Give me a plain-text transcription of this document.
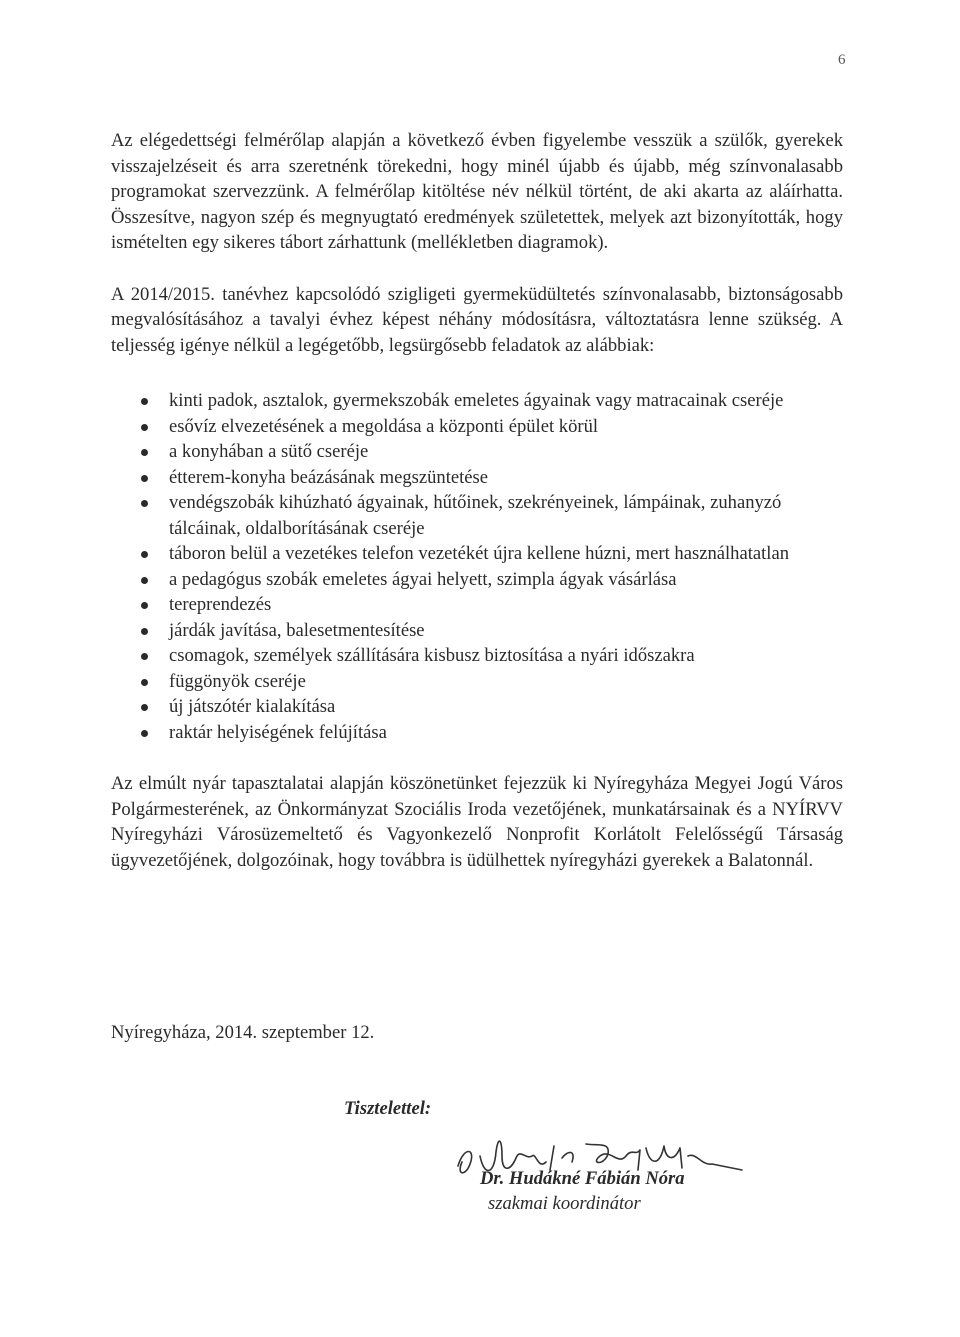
6

Az elégedettségi felmérőlap alapján a következő évben figyelembe vesszük a szülők, gyerekek visszajelzéseit és arra szeretnénk törekedni, hogy minél újabb és újabb, még színvonalasabb programokat szervezzünk. A felmérőlap kitöltése név nélkül történt, de aki akarta az aláírhatta. Összesítve, nagyon szép és megnyugtató eredmények születettek, melyek azt bizonyították, hogy ismételten egy sikeres tábort zárhattunk (mellékletben diagramok).

A 2014/2015. tanévhez kapcsolódó szigligeti gyermeküdültetés színvonalasabb, biztonságosabb megvalósításához a tavalyi évhez képest néhány módosításra, változtatásra lenne szükség. A teljesség igénye nélkül a legégetőbb, legsürgősebb feladatok az alábbiak:

kinti padok, asztalok, gyermekszobák emeletes ágyainak vagy matracainak cseréje
esővíz elvezetésének a megoldása a központi épület körül
a konyhában a sütő cseréje
étterem-konyha beázásának megszüntetése
vendégszobák kihúzható ágyainak, hűtőinek, szekrényeinek, lámpáinak, zuhanyzó tálcáinak, oldalborításának cseréje
táboron belül a vezetékes telefon vezetékét újra kellene húzni, mert használhatatlan
a pedagógus szobák emeletes ágyai helyett, szimpla ágyak vásárlása
tereprendezés
járdák javítása, balesetmentesítése
csomagok, személyek szállítására kisbusz biztosítása a nyári időszakra
függönyök cseréje
új játszótér kialakítása
raktár helyiségének felújítása

Az elmúlt nyár tapasztalatai alapján köszönetünket fejezzük ki Nyíregyháza Megyei Jogú Város Polgármesterének, az Önkormányzat Szociális Iroda vezetőjének, munkatársainak és a NYÍRVV Nyíregyházi Városüzemeltető és Vagyonkezelő Nonprofit Korlátolt Felelősségű Társaság ügyvezetőjének, dolgozóinak, hogy továbbra is üdülhettek nyíregyházi gyerekek a Balatonnál.

Nyíregyháza, 2014. szeptember 12.
Tisztelettel:
Dr. Hudákné Fábián Nóra
szakmai koordinátor
